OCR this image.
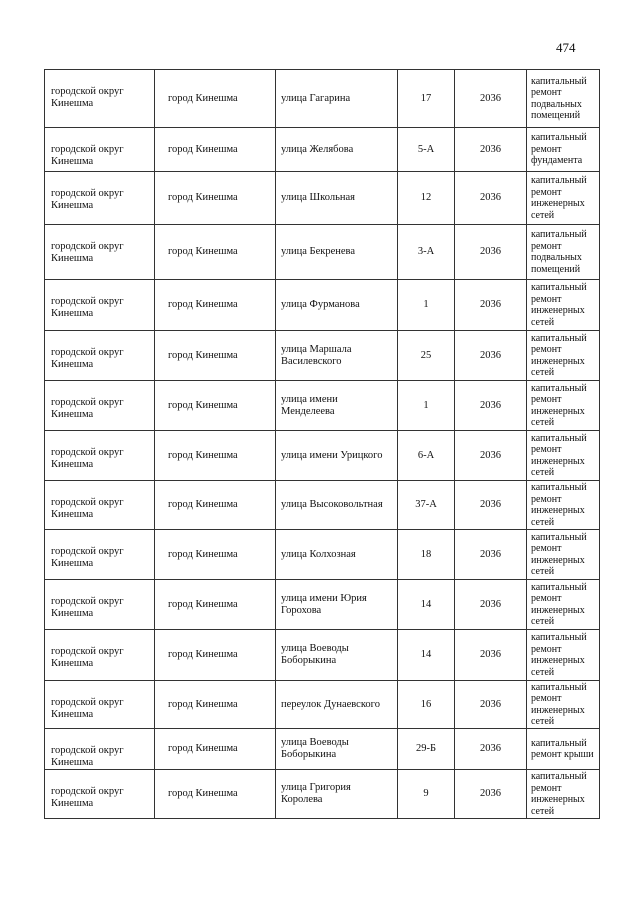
474
городской округ Кинешма	город Кинешма	улица Гагарина	17	2036	капитальный ремонт подвальных помещений
городской округ Кинешма	город Кинешма	улица Желябова	5-А	2036	капитальный ремонт фундамента
городской округ Кинешма	город Кинешма	улица Школьная	12	2036	капитальный ремонт инженерных сетей
городской округ Кинешма	город Кинешма	улица Бекренева	3-А	2036	капитальный ремонт подвальных помещений
городской округ Кинешма	город Кинешма	улица Фурманова	1	2036	капитальный ремонт инженерных сетей
городской округ Кинешма	город Кинешма	улица Маршала Василевского	25	2036	капитальный ремонт инженерных сетей
городской округ Кинешма	город Кинешма	улица имени Менделеева	1	2036	капитальный ремонт инженерных сетей
городской округ Кинешма	город Кинешма	улица имени Урицкого	6-А	2036	капитальный ремонт инженерных сетей
городской округ Кинешма	город Кинешма	улица Высоковольтная	37-А	2036	капитальный ремонт инженерных сетей
городской округ Кинешма	город Кинешма	улица Колхозная	18	2036	капитальный ремонт инженерных сетей
городской округ Кинешма	город Кинешма	улица имени Юрия Горохова	14	2036	капитальный ремонт инженерных сетей
городской округ Кинешма	город Кинешма	улица Воеводы Боборыкина	14	2036	капитальный ремонт инженерных сетей
городской округ Кинешма	город Кинешма	переулок Дунаевского	16	2036	капитальный ремонт инженерных сетей
городской округ Кинешма	город Кинешма	улица Воеводы Боборыкина	29-Б	2036	капитальный ремонт крыши
городской округ Кинешма	город Кинешма	улица Григория Королева	9	2036	капитальный ремонт инженерных сетей
